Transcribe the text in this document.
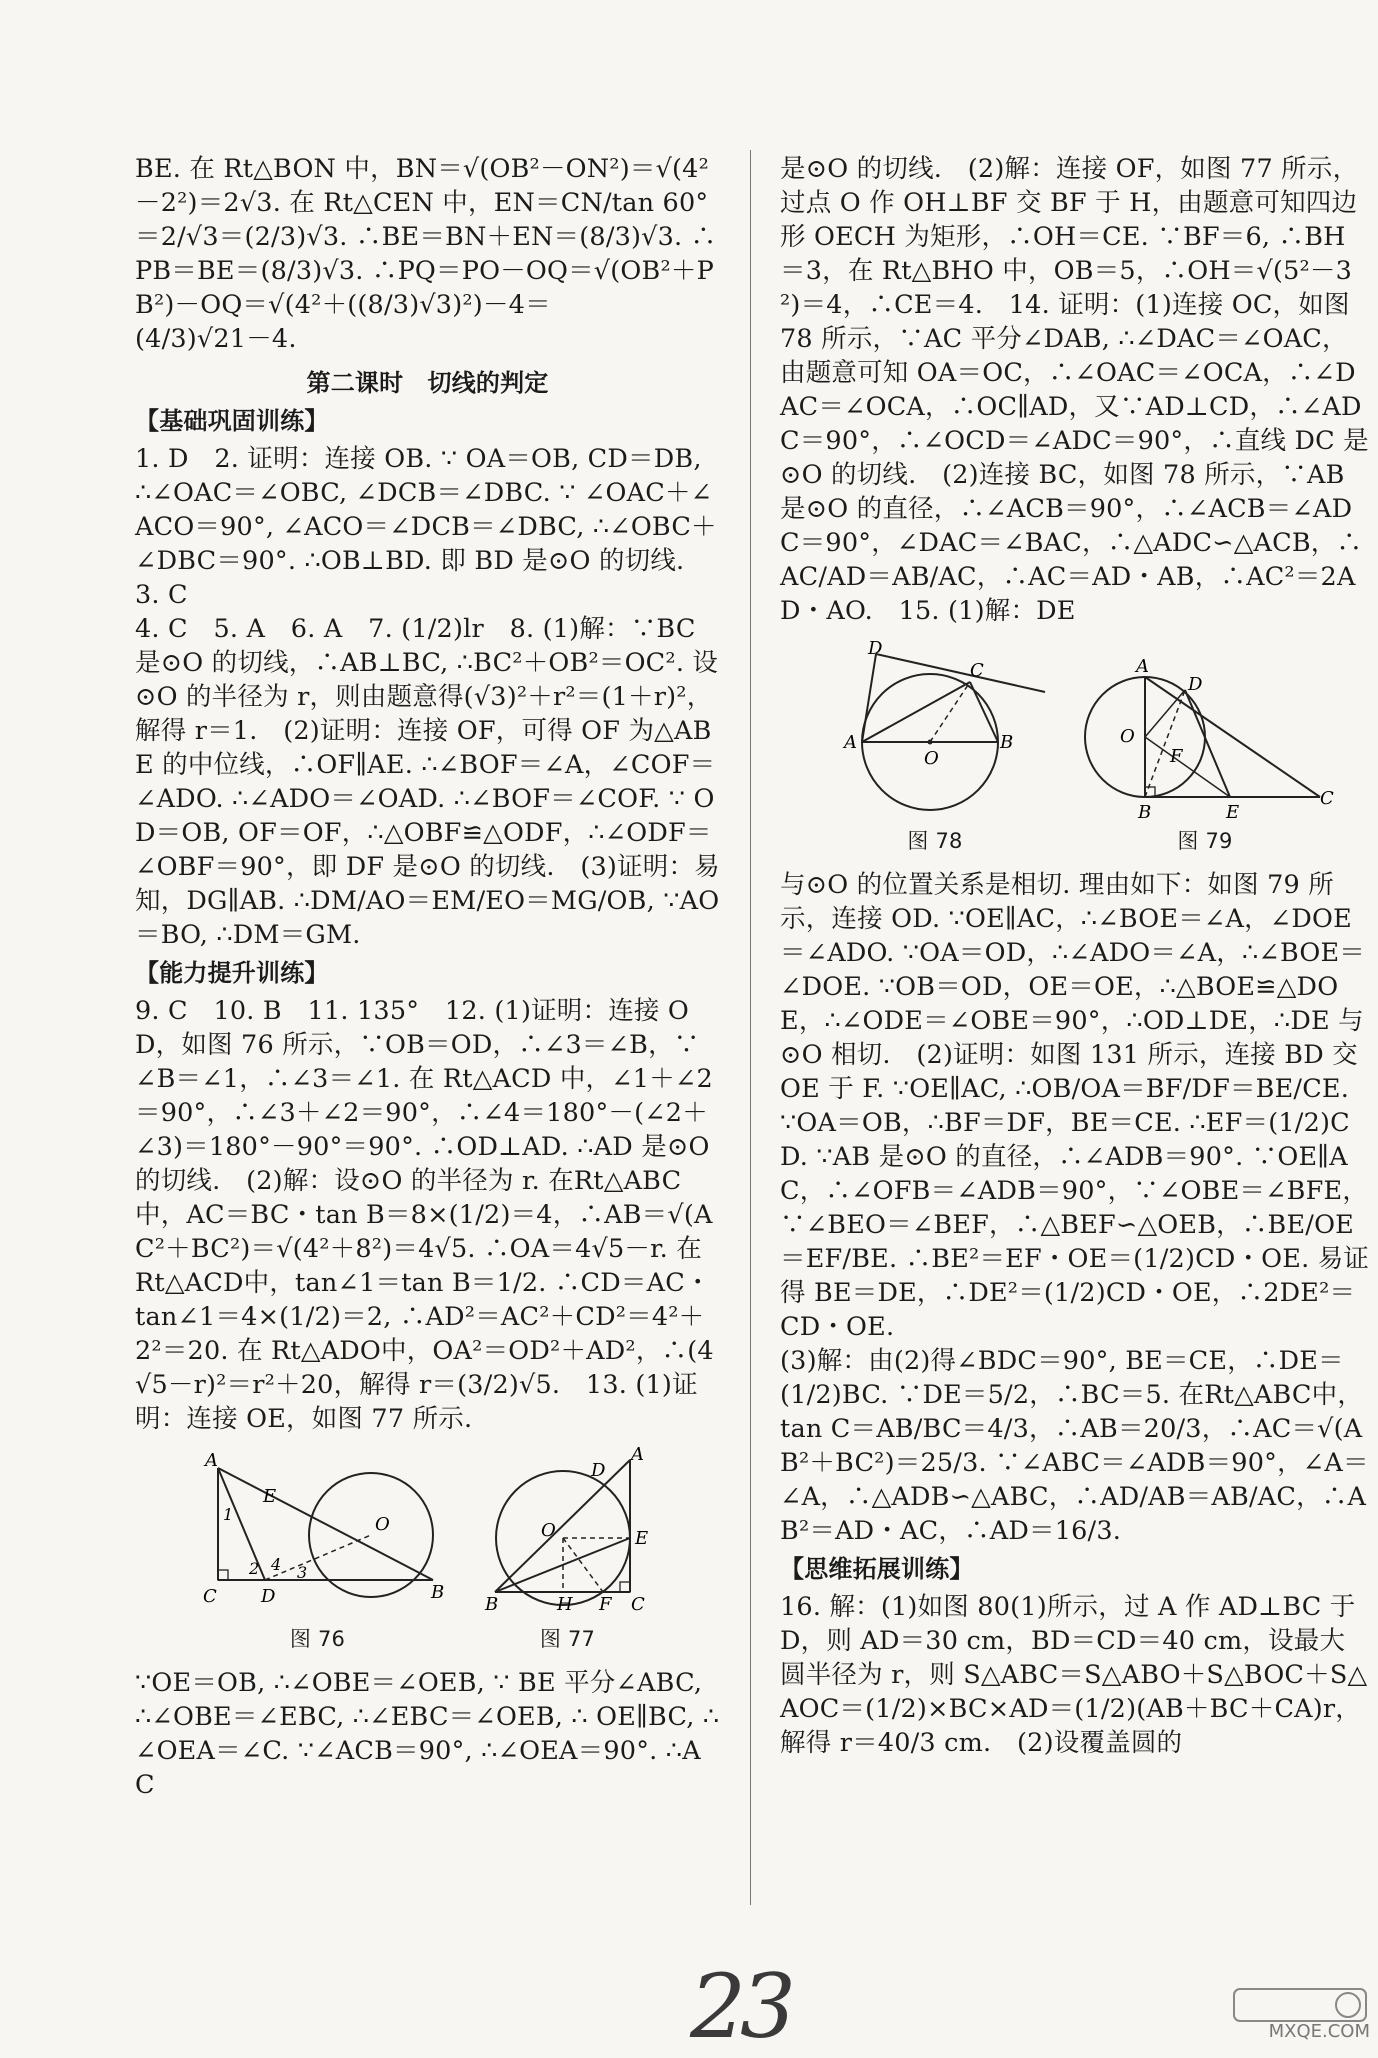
BE. 在 Rt△BON 中，BN＝√(OB²－ON²)＝√(4²－2²)＝2√3. 在 Rt△CEN 中，EN＝CN/tan 60°＝2/√3＝(2/3)√3. ∴BE＝BN＋EN＝(8/3)√3. ∴PB＝BE＝(8/3)√3. ∴PQ＝PO－OQ＝√(OB²＋PB²)－OQ＝√(4²＋((8/3)√3)²)－4＝

(4/3)√21－4.

第二课时　切线的判定
【基础巩固训练】

1. D　2. 证明：连接 OB. ∵ OA＝OB, CD＝DB, ∴∠OAC＝∠OBC, ∠DCB＝∠DBC. ∵ ∠OAC＋∠ACO＝90°, ∠ACO＝∠DCB＝∠DBC, ∴∠OBC＋∠DBC＝90°. ∴OB⊥BD. 即 BD 是⊙O 的切线.　3. C

4. C　5. A　6. A　7. (1/2)lr　8. (1)解：∵BC 是⊙O 的切线，∴AB⊥BC, ∴BC²＋OB²＝OC². 设⊙O 的半径为 r，则由题意得(√3)²＋r²＝(1＋r)²，解得 r＝1.　(2)证明：连接 OF，可得 OF 为△ABE 的中位线，∴OF∥AE. ∴∠BOF＝∠A，∠COF＝∠ADO. ∴∠ADO＝∠OAD. ∴∠BOF＝∠COF. ∵ OD＝OB, OF＝OF，∴△OBF≌△ODF，∴∠ODF＝∠OBF＝90°，即 DF 是⊙O 的切线.　(3)证明：易知，DG∥AB. ∴DM/AO＝EM/EO＝MG/OB, ∵AO＝BO, ∴DM＝GM.

【能力提升训练】

9. C　10. B　11. 135°　12. (1)证明：连接 OD，如图 76 所示，∵OB＝OD，∴∠3＝∠B，∵∠B＝∠1，∴∠3＝∠1. 在 Rt△ACD 中，∠1＋∠2＝90°，∴∠3＋∠2＝90°，∴∠4＝180°－(∠2＋∠3)＝180°－90°＝90°. ∴OD⊥AD. ∴AD 是⊙O 的切线.　(2)解：设⊙O 的半径为 r. 在Rt△ABC中，AC＝BC・tan B＝8×(1/2)＝4，∴AB＝√(AC²＋BC²)＝√(4²＋8²)＝4√5. ∴OA＝4√5－r. 在 Rt△ACD中，tan∠1＝tan B＝1/2. ∴CD＝AC・tan∠1＝4×(1/2)＝2, ∴AD²＝AC²＋CD²＝4²＋2²＝20. 在 Rt△ADO中，OA²＝OD²＋AD²，∴(4√5－r)²＝r²＋20，解得 r＝(3/2)√5.　13. (1)证明：连接 OE，如图 77 所示.

A
E
O
C D	B
1
2 4 3
图 76
A
D
O	E
B	H F C
图 77

∵OE＝OB, ∴∠OBE＝∠OEB, ∵ BE 平分∠ABC, ∴∠OBE＝∠EBC, ∴∠EBC＝∠OEB, ∴ OE∥BC, ∴∠OEA＝∠C. ∵∠ACB＝90°, ∴∠OEA＝90°. ∴AC

是⊙O 的切线.　(2)解：连接 OF，如图 77 所示，过点 O 作 OH⊥BF 交 BF 于 H，由题意可知四边形 OECH 为矩形，∴OH＝CE. ∵BF＝6, ∴BH＝3，在 Rt△BHO 中，OB＝5，∴OH＝√(5²－3²)＝4，∴CE＝4.　14. 证明：(1)连接 OC，如图 78 所示，∵AC 平分∠DAB, ∴∠DAC＝∠OAC，由题意可知 OA＝OC，∴∠OAC＝∠OCA，∴∠DAC＝∠OCA，∴OC∥AD，又∵AD⊥CD，∴∠ADC＝90°，∴∠OCD＝∠ADC＝90°，∴直线 DC 是⊙O 的切线.　(2)连接 BC，如图 78 所示，∵AB 是⊙O 的直径，∴∠ACB＝90°，∴∠ACB＝∠ADC＝90°，∠DAC＝∠BAC，∴△ADC∽△ACB，∴AC/AD＝AB/AC，∴AC＝AD・AB，∴AC²＝2AD・AO.　15. (1)解：DE

D
C
A
O
B
图 78
A
D
O
F
B	E
C
图 79

与⊙O 的位置关系是相切. 理由如下：如图 79 所示，连接 OD. ∵OE∥AC，∴∠BOE＝∠A，∠DOE＝∠ADO. ∵OA＝OD，∴∠ADO＝∠A，∴∠BOE＝∠DOE. ∵OB＝OD，OE＝OE，∴△BOE≌△DOE，∴∠ODE＝∠OBE＝90°，∴OD⊥DE，∴DE 与⊙O 相切.　(2)证明：如图 131 所示，连接 BD 交 OE 于 F. ∵OE∥AC, ∴OB/OA＝BF/DF＝BE/CE. ∵OA＝OB，∴BF＝DF，BE＝CE. ∴EF＝(1/2)CD. ∵AB 是⊙O 的直径，∴∠ADB＝90°. ∵OE∥AC，∴∠OFB＝∠ADB＝90°，∵∠OBE＝∠BFE，∵∠BEO＝∠BEF，∴△BEF∽△OEB，∴BE/OE＝EF/BE. ∴BE²＝EF・OE＝(1/2)CD・OE. 易证得 BE＝DE，∴DE²＝(1/2)CD・OE，∴2DE²＝CD・OE.

(3)解：由(2)得∠BDC＝90°, BE＝CE，∴DE＝(1/2)BC. ∵DE＝5/2，∴BC＝5. 在Rt△ABC中，tan C＝AB/BC＝4/3，∴AB＝20/3，∴AC＝√(AB²＋BC²)＝25/3. ∵∠ABC＝∠ADB＝90°，∠A＝∠A，∴△ADB∽△ABC，∴AD/AB＝AB/AC，∴AB²＝AD・AC，∴AD＝16/3.

【思维拓展训练】

16. 解：(1)如图 80(1)所示，过 A 作 AD⊥BC 于 D，则 AD＝30 cm，BD＝CD＝40 cm，设最大圆半径为 r，则 S△ABC＝S△ABO＋S△BOC＋S△AOC＝(1/2)×BC×AD＝(1/2)(AB＋BC＋CA)r，解得 r＝40/3 cm.　(2)设覆盖圆的

23	MXQE.COM
